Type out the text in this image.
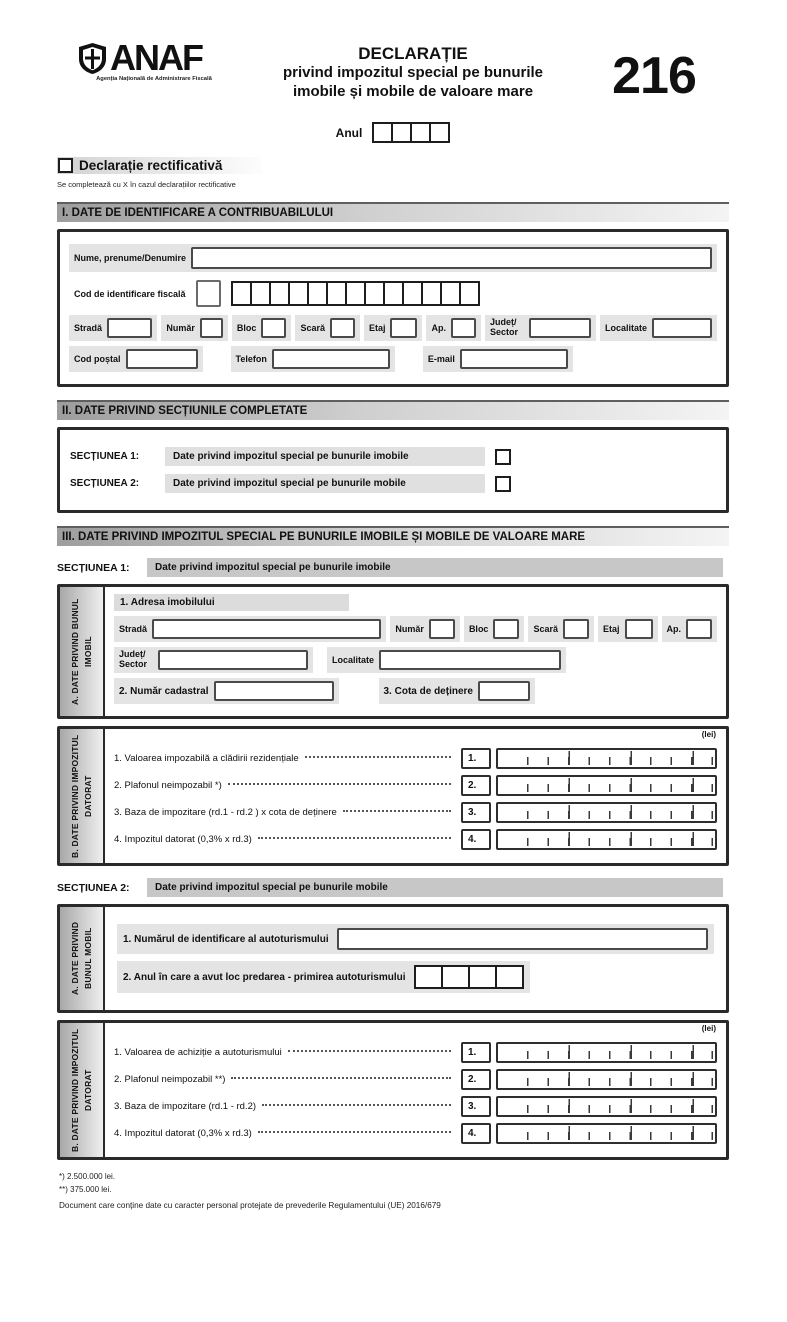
ANAF
Agenția Națională de Administrare Fiscală
DECLARAȚIE
privind impozitul special pe bunurile
imobile și mobile de valoare mare	216
Anul
Declarație rectificativă
Se completează cu X în cazul declarațiilor rectificative
I. DATE DE IDENTIFICARE A CONTRIBUABILULUI
Nume, prenume/Denumire
Cod de identificare fiscală
Stradă	Număr	Bloc	Scară	Etaj	Ap.
Județ/ Sector	Localitate
Cod poștal	Telefon	E-mail
II. DATE PRIVIND SECȚIUNILE COMPLETATE
SECȚIUNEA 1:	Date privind impozitul special pe bunurile imobile
SECȚIUNEA 2:	Date privind impozitul special pe bunurile mobile
III. DATE PRIVIND IMPOZITUL SPECIAL PE BUNURILE IMOBILE ȘI MOBILE DE VALOARE MARE
SECȚIUNEA 1:	Date privind impozitul special pe bunurile imobile
A. DATE PRIVIND BUNUL IMOBIL
1. Adresa imobilului
Stradă	Număr	Bloc	Scară	Etaj	Ap.
Județ/ Sector	Localitate
2. Număr cadastral	3. Cota de deținere
B. DATE PRIVIND IMPOZITUL DATORAT
(lei)
1. Valoarea impozabilă a clădirii rezidențiale	1.
2. Plafonul neimpozabil *)	2.
3. Baza de impozitare (rd.1 - rd.2 ) x cota de deținere	3.
4. Impozitul datorat (0,3% x rd.3)	4.
SECȚIUNEA 2:	Date privind impozitul special pe bunurile mobile
A. DATE PRIVIND BUNUL MOBIL	1. Numărul de identificare al autoturismului
2. Anul în care a avut loc predarea - primirea autoturismului
B. DATE PRIVIND IMPOZITUL DATORAT
(lei)
1. Valoarea de achiziție a autoturismului	1.
2. Plafonul neimpozabil **)	2.
3. Baza de impozitare (rd.1 - rd.2)	3.
4. Impozitul datorat (0,3% x rd.3)	4.
*) 2.500.000 lei.
**) 375.000 lei.
Document care conține date cu caracter personal protejate de prevederile Regulamentului (UE) 2016/679
